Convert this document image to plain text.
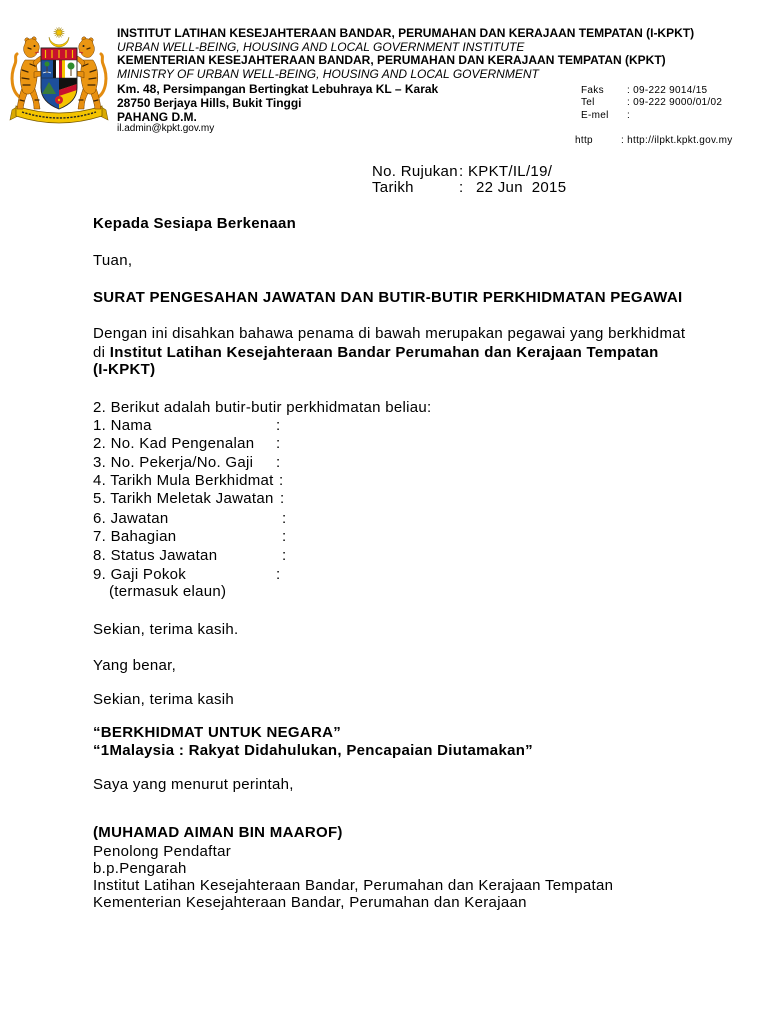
INSTITUT LATIHAN KESEJAHTERAAN BANDAR, PERUMAHAN DAN KERAJAAN TEMPATAN (I-KPKT)
URBAN WELL-BEING, HOUSING AND LOCAL GOVERNMENT INSTITUTE
KEMENTERIAN KESEJAHTERAAN BANDAR, PERUMAHAN DAN KERAJAAN TEMPATAN (KPKT)
MINISTRY OF URBAN WELL-BEING, HOUSING AND LOCAL GOVERNMENT
Km. 48, Persimpangan Bertingkat Lebuhraya KL – Karak
28750 Berjaya Hills, Bukit Tinggi
PAHANG D.M.
il.admin@kpkt.gov.my
Faks : 09-222 9014/15
Tel	: 09-222 9000/01/02
E-mel :
http	: http://ilpkt.kpkt.gov.my
No. Rujukan : KPKT/IL/19/
Tarikh	: 22 Jun  2015
Kepada Sesiapa Berkenaan
Tuan,
SURAT PENGESAHAN JAWATAN DAN BUTIR-BUTIR PERKHIDMATAN PEGAWAI
Dengan ini disahkan bahawa penama di bawah merupakan pegawai yang berkhidmat
di Institut Latihan Kesejahteraan Bandar Perumahan dan Kerajaan Tempatan
(I-KPKT)
2. Berikut adalah butir-butir perkhidmatan beliau:
1. Nama	:
2. No. Kad Pengenalan :
3. No. Pekerja/No. Gaji :
4. Tarikh Mula Berkhidmat :
5. Tarikh Meletak Jawatan :
6. Jawatan	:
7. Bahagian	:
8. Status Jawatan	:
9. Gaji Pokok	:
(termasuk elaun)
Sekian, terima kasih.
Yang benar,
Sekian, terima kasih
“BERKHIDMAT UNTUK NEGARA”
“1Malaysia : Rakyat Didahulukan, Pencapaian Diutamakan”
Saya yang menurut perintah,
(MUHAMAD AIMAN BIN MAAROF)
Penolong Pendaftar
b.p.Pengarah
Institut Latihan Kesejahteraan Bandar, Perumahan dan Kerajaan Tempatan
Kementerian Kesejahteraan Bandar, Perumahan dan Kerajaan
